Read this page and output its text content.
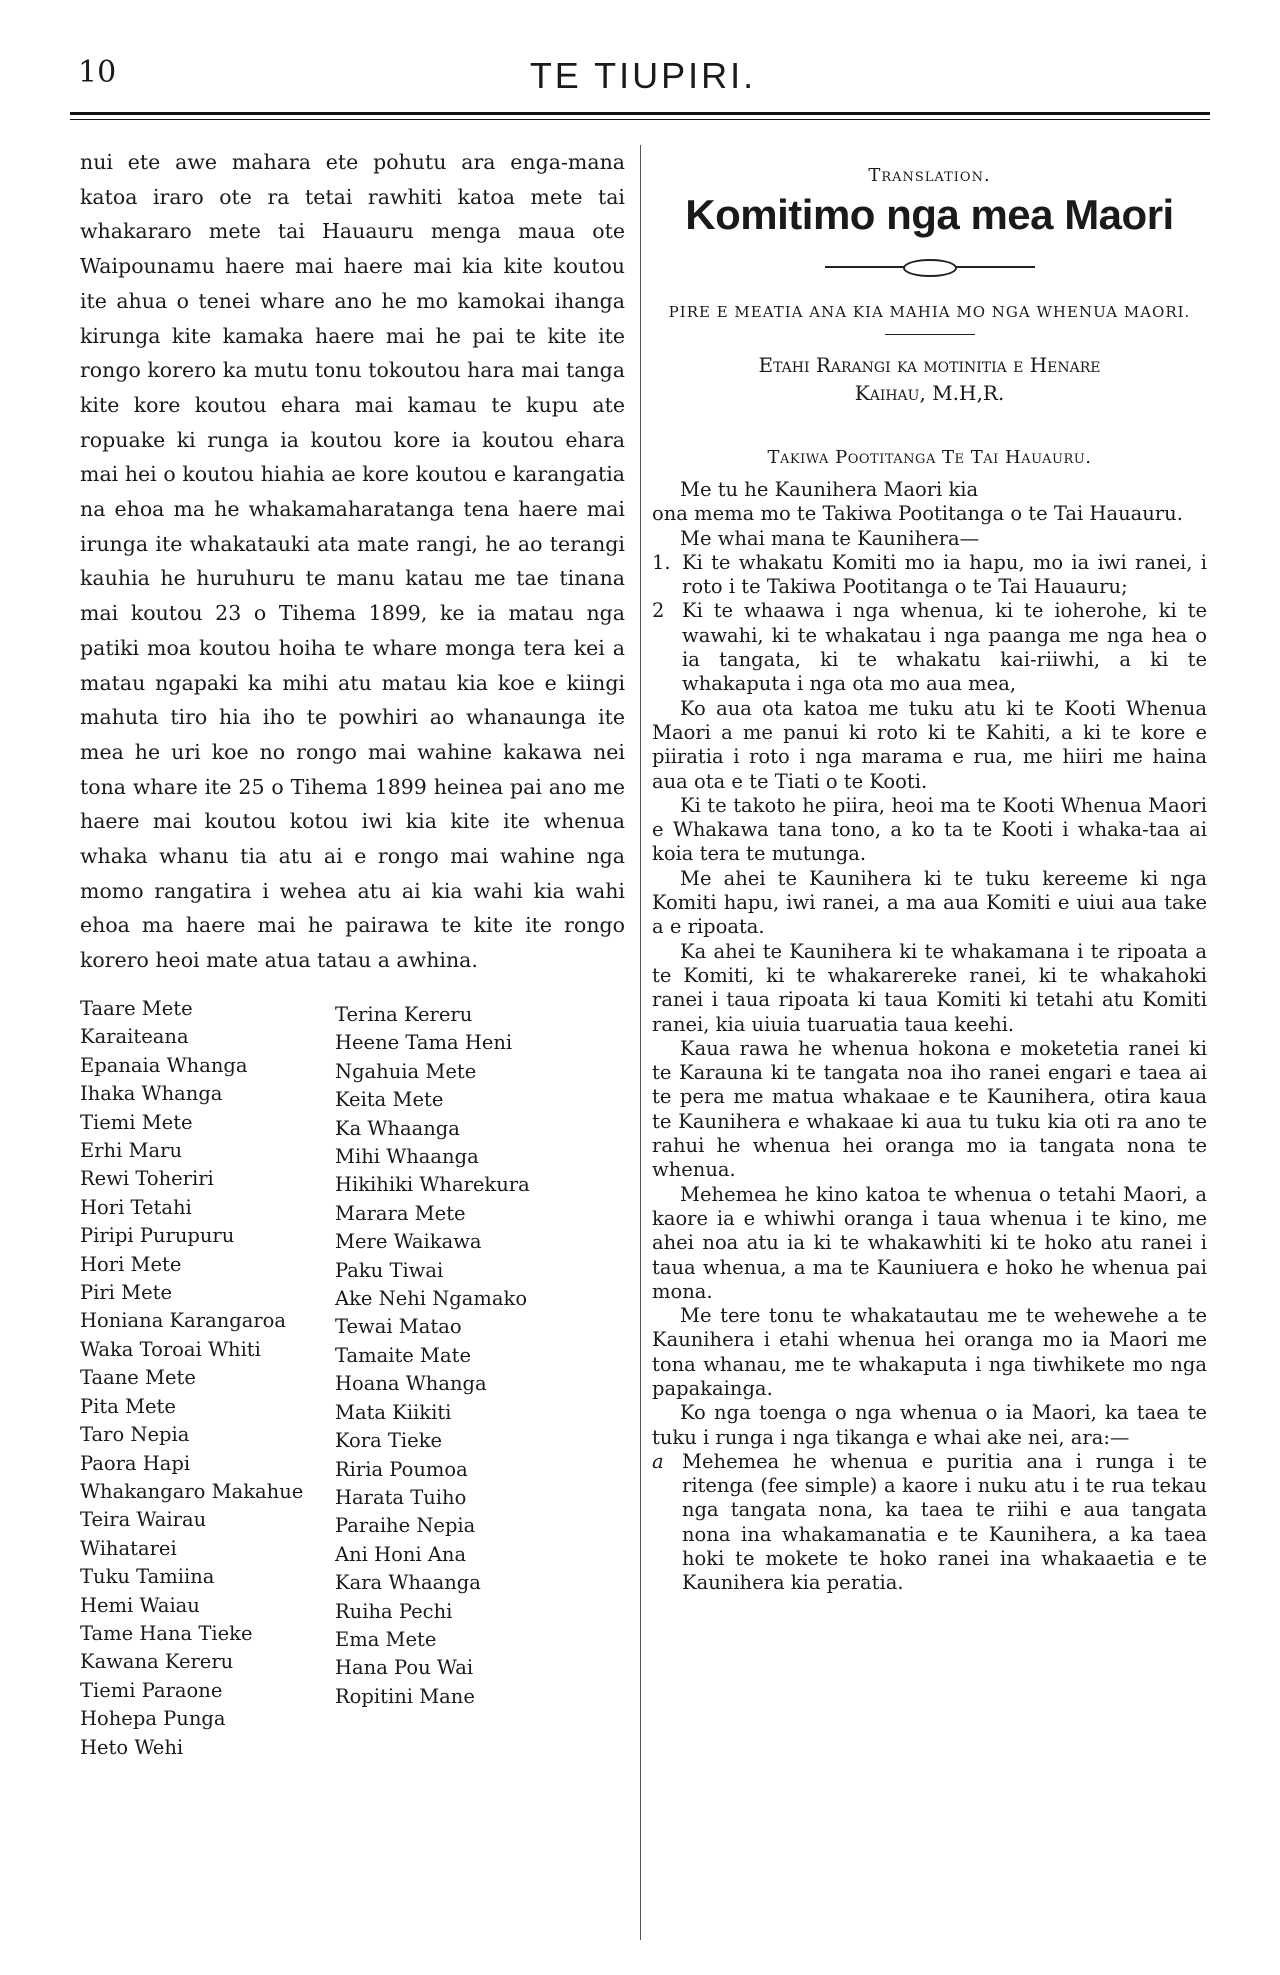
10	TE TIUPIRI.

nui ete awe mahara ete pohutu ara enga-mana katoa iraro ote ra tetai rawhiti katoa mete tai whakararo mete tai Hauauru menga maua ote Waipounamu haere mai haere mai kia kite koutou ite ahua o tenei whare ano he mo kamokai ihanga kirunga kite kamaka haere mai he pai te kite ite rongo korero ka mutu tonu tokoutou hara mai tanga kite kore koutou ehara mai kamau te kupu ate ropuake ki runga ia koutou kore ia koutou ehara mai hei o koutou hiahia ae kore koutou e karangatia na ehoa ma he whakamaharatanga tena haere mai irunga ite whakatauki ata mate rangi, he ao terangi kauhia he huruhuru te manu katau me tae tinana mai koutou 23 o Tihema 1899, ke ia matau nga patiki moa koutou hoiha te whare monga tera kei a matau ngapaki ka mihi atu matau kia koe e kiingi mahuta tiro hia iho te powhiri ao whanaunga ite mea he uri koe no rongo mai wahine kakawa nei tona whare ite 25 o Tihema 1899 heinea pai ano me haere mai koutou kotou iwi kia kite ite whenua whaka whanu tia atu ai e rongo mai wahine nga momo rangatira i wehea atu ai kia wahi kia wahi ehoa ma haere mai he pairawa te kite ite rongo korero heoi mate atua tatau a awhina.

Taare Mete
Karaiteana
Epanaia Whanga
Ihaka Whanga
Tiemi Mete
Erhi Maru
Rewi Toheriri
Hori Tetahi
Piripi Purupuru
Hori Mete
Piri Mete
Honiana Karangaroa
Waka Toroai Whiti
Taane Mete
Pita Mete
Taro Nepia
Paora Hapi
Whakangaro Makahue
Teira Wairau
Wihatarei
Tuku Tamiina
Hemi Waiau
Tame Hana Tieke
Kawana Kereru
Tiemi Paraone
Hohepa Punga
Heto Wehi
Terina Kereru
Heene Tama Heni
Ngahuia Mete
Keita Mete
Ka Whaanga
Mihi Whaanga
Hikihiki Wharekura
Marara Mete
Mere Waikawa
Paku Tiwai
Ake Nehi Ngamako
Tewai Matao
Tamaite Mate
Hoana Whanga
Mata Kiikiti
Kora Tieke
Riria Poumoa
Harata Tuiho
Paraihe Nepia
Ani Honi Ana
Kara Whaanga
Ruiha Pechi
Ema Mete
Hana Pou Wai
Ropitini Mane
Translation.
Komitimo nga mea Maori
PIRE E MEATIA ANA KIA MAHIA MO NGA WHENUA MAORI.
Etahi Rarangi ka motinitia e Henare
Kaihau, M.H,R.
Takiwa Pootitanga Te Tai Hauauru.

Me tu he Kaunihera Maori kia

ona mema mo te Takiwa Pootitanga o te Tai Hauauru.

Me whai mana te Kaunihera—

1. Ki te whakatu Komiti mo ia hapu, mo ia iwi ranei, i roto i te Takiwa Pootitanga o te Tai Hauauru;
2 Ki te whaawa i nga whenua, ki te ioherohe, ki te wawahi, ki te whakatau i nga paanga me nga hea o ia tangata, ki te whakatu kai-riiwhi, a ki te whakaputa i nga ota mo aua mea,

Ko aua ota katoa me tuku atu ki te Kooti Whenua Maori a me panui ki roto ki te Kahiti, a ki te kore e piiratia i roto i nga marama e rua, me hiiri me haina aua ota e te Tiati o te Kooti.

Ki te takoto he piira, heoi ma te Kooti Whenua Maori e Whakawa tana tono, a ko ta te Kooti i whaka-taa ai koia tera te mutunga.

Me ahei te Kaunihera ki te tuku kereeme ki nga Komiti hapu, iwi ranei, a ma aua Komiti e uiui aua take a e ripoata.

Ka ahei te Kaunihera ki te whakamana i te ripoata a te Komiti, ki te whakarereke ranei, ki te whakahoki ranei i taua ripoata ki taua Komiti ki tetahi atu Komiti ranei, kia uiuia tuaruatia taua keehi.

Kaua rawa he whenua hokona e moketetia ranei ki te Karauna ki te tangata noa iho ranei engari e taea ai te pera me matua whakaae e te Kaunihera, otira kaua te Kaunihera e whakaae ki aua tu tuku kia oti ra ano te rahui he whenua hei oranga mo ia tangata nona te whenua.

Mehemea he kino katoa te whenua o tetahi Maori, a kaore ia e whiwhi oranga i taua whenua i te kino, me ahei noa atu ia ki te whakawhiti ki te hoko atu ranei i taua whenua, a ma te Kauniuera e hoko he whenua pai mona.

Me tere tonu te whakatautau me te wehewehe a te Kaunihera i etahi whenua hei oranga mo ia Maori me tona whanau, me te whakaputa i nga tiwhikete mo nga papakainga.

Ko nga toenga o nga whenua o ia Maori, ka taea te tuku i runga i nga tikanga e whai ake nei, ara:—

a Mehemea he whenua e puritia ana i runga i te ritenga (fee simple) a kaore i nuku atu i te rua tekau nga tangata nona, ka taea te riihi e aua tangata nona ina whakamanatia e te Kaunihera, a ka taea hoki te mokete te hoko ranei ina whakaaetia e te Kaunihera kia peratia.
